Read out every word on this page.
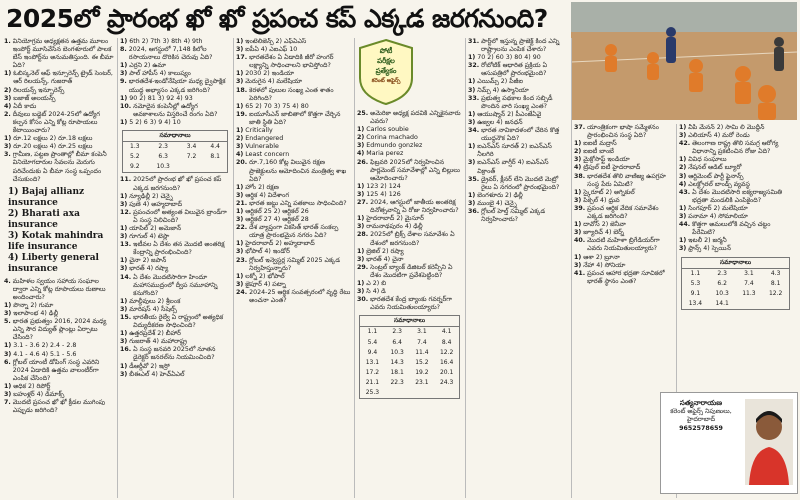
2025లో ప్రారంభ ఖో ఖో ప్రపంచ కప్ ఎక్కడ జరగనుంది?
పోటీ
పరీక్షల
ప్రత్యేకం
కరెంట్ అఫైర్స్
1. వినియోగ్రమ అధ్యక్షతన ఉత్తమ మూలం ఇంపోర్ట్ మూసివేసిన బెంగళూరులో పాలక బేస్ ఇంపోర్ట్‌ను అనుమతిస్తుంది. ఈ బీమా ఏది?
1) ఓబిస్కనెల్ ఆఫ్ ఇన్సూరెన్స్ ట్రైడ్ సెంటర్, ఆర్ రిలయన్స్, గుజరాత్
2) రిలయన్స్ ఇన్సూరెన్స్
3) బజాజ్ అలయన్స్
4) ఏదీ కాదు
2. దీవులు బడ్జెట్ 2024-25లో ఉద్యోగ కల్పన కోసం ఎన్ని కోట్ల రూపాయలు కేటాయించారు?
1) రూ.12 లక్షలు 2) రూ.18 లక్షలు
3) రూ.20 లక్షలు 4) రూ.25 లక్షలు
3. గ్రామీణ, పట్టణ ప్రాంతాల్లో బీమా కంపెనీ వినియోగదారుల సేవలను మెరుగు పరిచేందుకు ఏ బీమా సంస్థ ఒప్పందం చేసుకుంది?
1) Bajaj allianz insurance
2) Bharati axa insurance
3) Kotak mahindra
life insurance
4) Liberty general insurance
4. మహిళల స్వయం సహాయ సంఘాల ద్వారా ఎన్ని కోట్ల రూపాయలు రుణాలు అందించారు?
1) పొన్నా 2) గుమా
3) ఇలాపాంభ 4) ఢిల్లీ
5. భారత ప్రభుత్వం 2016, 2024 మధ్య ఎన్ని సౌర విద్యుత్ ప్లాంట్లు ఏర్పాటు చేసింది?
1) 3.1 - 3.6 2) 2.4 - 2.8
3) 4.1 - 4.6 4) 5.1 - 5.6
6. గ్లోబల్ యాంటీ డోపింగ్ సంస్థ ఎవరిని 2024 ఏడాదికి ఉత్తమ వాలంటీర్‌గా ఎంపిక చేసింది?
1) అధిక 2) రిపోర్ట్
3) బహుళ్లర్ 4) డిమాక్స్
7. మొదటి ప్రపంచ ఖో ఖో క్రీడల ముగింపు ఎప్పుడు జరిగింది?
1) 6th 2) 7th 3) 8th 4) 9th
8. 2024, ఆగస్టులో 7,148 కిలోల రసాయనాలు దొరికిన చెరువు ఏది?
1) ఎర్రని 2) ఉమా
3) పాల్ హాపీస్ 4) కాలుష్యం
9. భారతదేశ-ఇండోనేషియా మధ్య ద్వైపాక్షిక యుద్ధ అభ్యాసం ఎక్కడ జరిగింది?
1) 90 2) 81 3) 92 4) 93
10. నమోదైన కంపెనీల్లో ఉద్యోగ అవకాశాలను విస్తరించే రంగం ఏది?
1) 5 2) 6 3) 9 4) 10
సమాధానాలు
1.3	2.3	3.4	4.4
5.2	6.3	7.2	8.1
9.2	10.3		
11. 2025లో ప్రారంభ ఖో ఖో ప్రపంచ కప్ ఎక్కడ జరగనుంది?
1) న్యూఢిల్లీ 2) చెన్నై
3) పుణె 4) అహ్మదాబాద్
12. ప్రపంచంలో అత్యంత విలువైన బ్రాండ్‌గా ఏ సంస్థ నిలిచింది?
1) యాపిల్ 2) అమెజాన్
3) గూగుల్ 4) టెస్లా
13. ఇటీవల ఏ దేశం తన మొదటి అంతరిక్ష కేంద్రాన్ని ప్రారంభించింది?
1) చైనా 2) జపాన్
3) భారత్ 4) రష్యా
14. ఏ దేశం మొదటిసారిగా హిందూ మహాసముద్రంలో ద్వీప సమూహాన్ని కనుగొంది?
1) మాల్దీవులు 2) శ్రీలంక
3) మారిషస్ 4) సీషెల్స్
15. భారతీయ రైల్వే ఏ రాష్ట్రంలో అత్యధిక విద్యుదీకరణ సాధించింది?
1) ఉత్తరప్రదేశ్ 2) బీహార్
3) గుజరాత్ 4) మహారాష్ట్ర
16. ఏ సంస్థ జనవరి 2025లో నూతన డైరెక్టర్ జనరల్‌ను నియమించింది?
1) డీఆర్డీవో 2) ఇస్రో
3) బీఈఎల్ 4) హెచ్ఏఎల్
1) ఇంటెలిజెన్స్ 2) ఎఫ్ఏఎస్
3) ఐపీఏ 4) ఎఐఎఫ్ 10
17. భారతదేశం ఏ ఏడాదికి జీరో హంగర్ లక్ష్యాన్ని సాధించాలని భావిస్తోంది?
1) 2030 2) ఇండియా
3) మెరుగైన 4) మలేషియా
18. కెరళలో పులుల సంఖ్య ఎంత శాతం పెరిగింది?
1) 65 2) 70 3) 75 4) 80
19. ఐయూసీఎన్ జాబితాలో కొత్తగా చేర్చిన జాతి స్థితి ఏది?
1) Critically
2) Endangered
3) Vulnerable
4) Least concern
20. రూ.7,160 కోట్ల విలువైన రక్షణ ప్రాజెక్టులను ఆమోదించిన మంత్రిత్వ శాఖ ఏది?
1) హోం 2) రక్షణ
3) ఆర్థిక 4) విదేశాంగ
21. భారత జట్టు ఎన్ని పతకాలు సాధించింది?
1) ఆర్టికల్ 25 2) ఆర్టికల్ 26
3) ఆర్టికల్ 27 4) ఆర్టికల్ 28
22. దేశ వ్యాప్తంగా వికసిత్ భారత్ సంకల్ప యాత్ర ప్రారంభమైన నగరం ఏది?
1) హైదరాబాద్ 2) అహ్మదాబాద్
3) భోపాల్ 4) ఇండోర్
23. గ్లోబల్ ఇన్వెస్టర్ల సమ్మిట్ 2025 ఎక్కడ నిర్వహిస్తున్నారు?
1) లక్నో 2) భోపాల్
3) జైపూర్ 4) పట్నా
24. 2024-25 ఆర్థిక సంవత్సరంలో వృద్ధి రేటు అంచనా ఎంత?
25. అమెరికా అధ్యక్ష పదవికి ఎన్నికైనవారు ఎవరు?
1) Carlos soubie
2) Corina machado
3) Edmundo gonzlez
4) Maria perez
26. ఫిబ్రవరి 2025లో నిర్వహించిన పార్లమెంట్ సమావేశాల్లో ఎన్ని బిల్లులు ఆమోదించారు?
1) 123 2) 124
3) 125 4) 126
27. 2024, ఆగస్టులో జాతీయ అంతరిక్ష దినోత్సవాన్ని ఏ రోజు నిర్వహించారు?
1) హైదరాబాద్ 2) మైసూర్
3) రామనాథపురం 4) ఢిల్లీ
28. 2025లో బ్రిక్స్ దేశాల సమావేశం ఏ దేశంలో జరగనుంది?
1) బ్రెజిల్ 2) రష్యా
3) భారత్ 4) చైనా
29. సెంట్రల్ బ్యాంక్ డిజిటల్ కరెన్సీని ఏ దేశం మొదటిగా ప్రవేశపెట్టింది?
1) ఎ 2) బి
3) సి 4) డి
30. భారతదేశ కేంద్ర బ్యాంకు గవర్నర్‌గా ఎవరు నియమితులయ్యారు?
సమాధానాలు
1.1	2.3	3.1	4.1
5.4	6.4	7.4	8.4
9.4	10.3	11.4	12.2
13.1	14.3	15.2	16.4
17.2	18.1	19.2	20.1
21.1	22.3	23.1	24.3
25.3			
31. పార్ట్‌లో ఇస్తున్న ప్రాజెక్ట్ కింద ఎన్ని రాష్ట్రాలను ఎంపిక చేశారు?
1) 70 2) 60 3) 80 4) 90
32. రోబోటిక్ ఆధారిత ప్రక్రియ ఏ ఆసుపత్రిలో ప్రారంభమైంది?
1) ఎయిమ్స్ 2) పీజీఐ
3) నిమ్స్ 4) ఉస్మానియా
33. ప్రభుత్వ పథకాల కింద సబ్సిడీ పొందిన వారి సంఖ్య ఎంత?
1) ఆయుష్మాన్ 2) పీఎంజేఏవై
3) ఉజ్వల 4) జనధన్
34. భారత నావికాదళంలో చేరిన కొత్త యుద్ధనౌక ఏది?
1) ఐఎన్ఎస్ సూరత్ 2) ఐఎన్ఎస్ నీలగిరి
3) ఐఎన్ఎస్ వాగ్షీర్ 4) ఐఎన్ఎస్ విక్రాంత్
35. డ్రైవర్, క్లీనర్ లేని మొదటి మెట్రో రైలు ఏ నగరంలో ప్రారంభమైంది?
1) బెంగళూరు 2) ఢిల్లీ
3) ముంబై 4) చెన్నై
36. గ్లోబల్ హెల్త్ సమ్మిట్ ఎక్కడ నిర్వహించారు?
37. యాంత్రికంగా భాషా సమ్మేళనం ప్రారంభించిన సంస్థ ఏది?
1) ఐఐటీ మద్రాస్
2) ఐఐటీ బాంబే
3) మైక్రోసాఫ్ట్ ఇండియా
4) ట్రిపుల్ ఐటీ హైదరాబాద్
38. భారతదేశ తొలి వాణిజ్య ఉపగ్రహ సంస్థ పేరు ఏమిటి?
1) స్కైరూట్ 2) అగ్నికుల్
3) పిక్సెల్ 4) ధ్రువ
39. ప్రపంచ ఆర్థిక వేదిక సమావేశం ఎక్కడ జరిగింది?
1) దావోస్ 2) జెనీవా
3) జ్యూరిచ్ 4) బెర్న్
40. మొదటి మహిళా బ్రిగేడియర్‌గా ఎవరు నియమితులయ్యారు?
1) ఆశా 2) బ్రూనా
3) నేహా 4) సోనియా
41. ప్రపంచ ఆహార భద్రతా సూచికలో భారత్ స్థానం ఎంత?
1) వీపీ మేనన్ 2) సామి లి మొద్దీన్
3) ఎలియాస్ 4) మరో రెండు
42. తెలంగాణ రాష్ట్ర తొలి సమగ్ర ఆరోగ్య విధానాన్ని ప్రకటించిన రోజు ఏది?
1) వివిధ సంఘాలు
2) నేషనల్ ఆడిట్ బ్యూరో
3) ఆర్టిమెంట్ పార్టీ ఫైనాన్స్
4) ఎలక్ట్రోరల్ బాండ్స్ వ్యవస్థ
43. ఏ దేశం మొదటిసారి ఐక్యరాజ్యసమితి భద్రతా మండలికి ఎంపికైంది?
1) సింగపూర్ 2) మలేషియా
3) పనామా 4) సోమాలియా
44. కొత్తగా అమలులోకి వచ్చిన చట్టం పేరేమిటి?
1) ఇటలీ 2) జర్మనీ
3) ఫ్రాన్స్ 4) స్పెయిన్
సమాధానాలు
1.1	2.3	3.1	4.3
5.3	6.2	7.4	8.1
9.1	10.3	11.3	12.2
13.4	14.1		
సత్యనారాయణ
కరెంట్ అఫైర్స్ నిపుణులు,
హైదరాబాద్
9652578659
